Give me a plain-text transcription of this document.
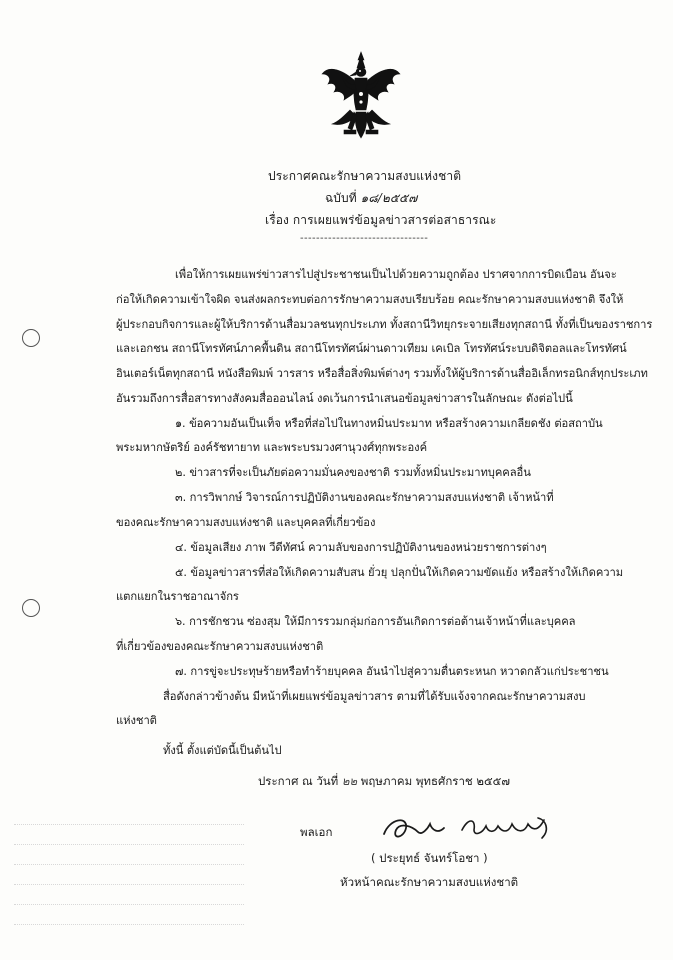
ประกาศคณะรักษาความสงบแห่งชาติ
ฉบับที่ ๑๘/๒๕๕๗
เรื่อง การเผยแพร่ข้อมูลข่าวสารต่อสาธารณะ
--------------------------------
เพื่อให้การเผยแพร่ข่าวสารไปสู่ประชาชนเป็นไปด้วยความถูกต้อง ปราศจากการบิดเบือน อันจะ
ก่อให้เกิดความเข้าใจผิด จนส่งผลกระทบต่อการรักษาความสงบเรียบร้อย คณะรักษาความสงบแห่งชาติ จึงให้
ผู้ประกอบกิจการและผู้ให้บริการด้านสื่อมวลชนทุกประเภท ทั้งสถานีวิทยุกระจายเสียงทุกสถานี ทั้งที่เป็นของราชการ
และเอกชน สถานีโทรทัศน์ภาคพื้นดิน สถานีโทรทัศน์ผ่านดาวเทียม เคเบิล โทรทัศน์ระบบดิจิตอลและโทรทัศน์
อินเตอร์เน็ตทุกสถานี หนังสือพิมพ์ วารสาร หรือสื่อสิ่งพิมพ์ต่างๆ รวมทั้งให้ผู้บริการด้านสื่ออิเล็กทรอนิกส์ทุกประเภท
อันรวมถึงการสื่อสารทางสังคมสื่อออนไลน์ งดเว้นการนำเสนอข้อมูลข่าวสารในลักษณะ ดังต่อไปนี้
๑. ข้อความอันเป็นเท็จ หรือที่ส่อไปในทางหมิ่นประมาท หรือสร้างความเกลียดชัง ต่อสถาบัน
พระมหากษัตริย์ องค์รัชทายาท และพระบรมวงศานุวงศ์ทุกพระองค์
๒. ข่าวสารที่จะเป็นภัยต่อความมั่นคงของชาติ รวมทั้งหมิ่นประมาทบุคคลอื่น
๓. การวิพากษ์ วิจารณ์การปฏิบัติงานของคณะรักษาความสงบแห่งชาติ เจ้าหน้าที่
ของคณะรักษาความสงบแห่งชาติ และบุคคลที่เกี่ยวข้อง
๔. ข้อมูลเสียง ภาพ วีดีทัศน์ ความลับของการปฏิบัติงานของหน่วยราชการต่างๆ
๕. ข้อมูลข่าวสารที่ส่อให้เกิดความสับสน ยั่วยุ ปลุกปั่นให้เกิดความขัดแย้ง หรือสร้างให้เกิดความ
แตกแยกในราชอาณาจักร
๖. การชักชวน ซ่องสุม ให้มีการรวมกลุ่มก่อการอันเกิดการต่อต้านเจ้าหน้าที่และบุคคล
ที่เกี่ยวข้องของคณะรักษาความสงบแห่งชาติ
๗. การขู่จะประทุษร้ายหรือทำร้ายบุคคล อันนำไปสู่ความตื่นตระหนก หวาดกลัวแก่ประชาชน
สื่อดังกล่าวข้างต้น มีหน้าที่เผยแพร่ข้อมูลข่าวสาร ตามที่ได้รับแจ้งจากคณะรักษาความสงบ
แห่งชาติ
ทั้งนี้ ตั้งแต่บัดนี้เป็นต้นไป
ประกาศ ณ วันที่ ๒๒ พฤษภาคม พุทธศักราช ๒๕๕๗
พลเอก
( ประยุทธ์ จันทร์โอชา )
หัวหน้าคณะรักษาความสงบแห่งชาติ
